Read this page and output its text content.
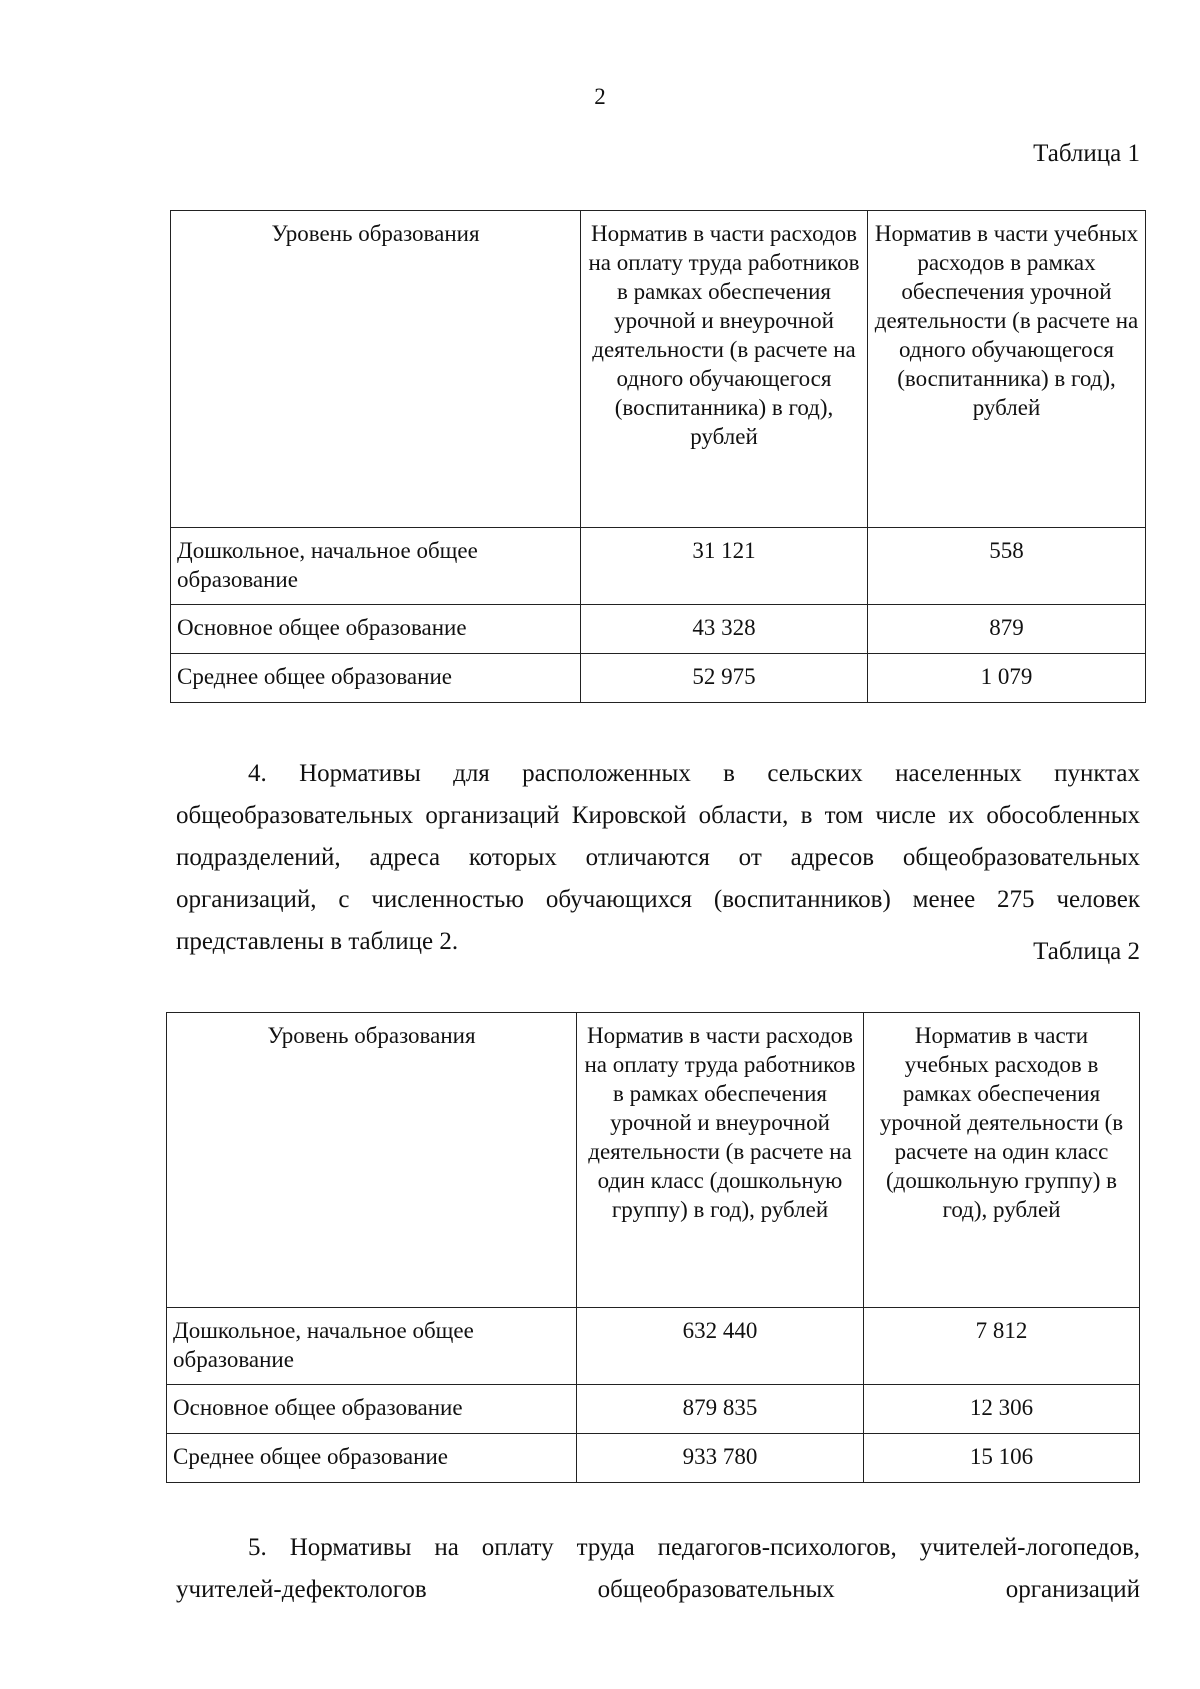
2
Таблица 1
Уровень образования	Норматив в части расходов на оплату труда работников в рамках обеспечения урочной и внеурочной деятельности (в расчете на одного обучающегося (воспитанника) в год), рублей	Норматив в части учебных расходов в рамках обеспечения урочной деятельности (в расчете на одного обучающегося (воспитанника) в год), рублей
Дошкольное, начальное общее образование	31 121	558
Основное общее образование	43 328	879
Среднее общее образование	52 975	1 079

4. Нормативы для расположенных в сельских населенных пунктах общеобразовательных организаций Кировской области, в том числе их обособленных подразделений, адреса которых отличаются от адресов общеобразовательных организаций, с численностью обучающихся (воспитанников) менее 275 человек представлены в таблице 2.	Таблица 2
Уровень образования	Норматив в части расходов на оплату труда работников в рамках обеспечения урочной и внеурочной деятельности (в расчете на один класс (дошкольную группу) в год), рублей	Норматив в части учебных расходов в рамках обеспечения урочной деятельности (в расчете на один класс (дошкольную группу) в год), рублей
Дошкольное, начальное общее образование	632 440	7 812
Основное общее образование	879 835	12 306
Среднее общее образование	933 780	15 106

5. Нормативы на оплату труда педагогов-психологов, учителей-логопедов, учителей-дефектологов общеобразовательных организаций
